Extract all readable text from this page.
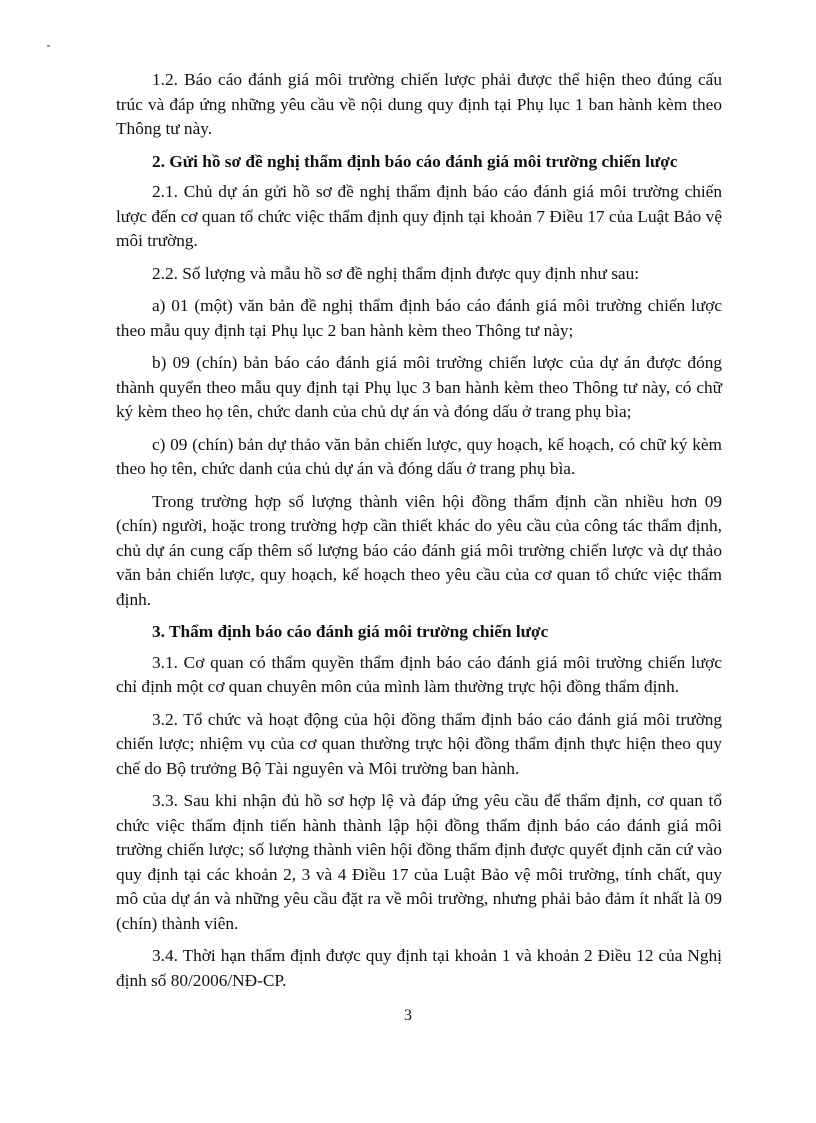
1.2. Báo cáo đánh giá môi trường chiến lược phải được thể hiện theo đúng cấu trúc và đáp ứng những yêu cầu về nội dung quy định tại Phụ lục 1 ban hành kèm theo Thông tư này.

2. Gửi hồ sơ đề nghị thẩm định báo cáo đánh giá môi trường chiến lược

2.1. Chủ dự án gửi hồ sơ đề nghị thẩm định báo cáo đánh giá môi trường chiến lược đến cơ quan tổ chức việc thẩm định quy định tại khoản 7 Điều 17 của Luật Bảo vệ môi trường.

2.2. Số lượng và mẫu hồ sơ đề nghị thẩm định được quy định như sau:

a) 01 (một) văn bản đề nghị thẩm định báo cáo đánh giá môi trường chiến lược theo mẫu quy định tại Phụ lục 2 ban hành kèm theo Thông tư này;

b) 09 (chín) bản báo cáo đánh giá môi trường chiến lược của dự án được đóng thành quyển theo mẫu quy định tại Phụ lục 3 ban hành kèm theo Thông tư này, có chữ ký kèm theo họ tên, chức danh của chủ dự án và đóng dấu ở trang phụ bìa;

c) 09 (chín) bản dự thảo văn bản chiến lược, quy hoạch, kế hoạch, có chữ ký kèm theo họ tên, chức danh của chủ dự án và đóng dấu ở trang phụ bìa.

Trong trường hợp số lượng thành viên hội đồng thẩm định cần nhiều hơn 09 (chín) người, hoặc trong trường hợp cần thiết khác do yêu cầu của công tác thẩm định, chủ dự án cung cấp thêm số lượng báo cáo đánh giá môi trường chiến lược và dự thảo văn bản chiến lược, quy hoạch, kế hoạch theo yêu cầu của cơ quan tổ chức việc thẩm định.

3. Thẩm định báo cáo đánh giá môi trường chiến lược

3.1. Cơ quan có thẩm quyền thẩm định báo cáo đánh giá môi trường chiến lược chỉ định một cơ quan chuyên môn của mình làm thường trực hội đồng thẩm định.

3.2. Tổ chức và hoạt động của hội đồng thẩm định báo cáo đánh giá môi trường chiến lược; nhiệm vụ của cơ quan thường trực hội đồng thẩm định thực hiện theo quy chế do Bộ trưởng Bộ Tài nguyên và Môi trường ban hành.

3.3. Sau khi nhận đủ hồ sơ hợp lệ và đáp ứng yêu cầu để thẩm định, cơ quan tổ chức việc thẩm định tiến hành thành lập hội đồng thẩm định báo cáo đánh giá môi trường chiến lược; số lượng thành viên hội đồng thẩm định được quyết định căn cứ vào quy định tại các khoản 2, 3 và 4 Điều 17 của Luật Bảo vệ môi trường, tính chất, quy mô của dự án và những yêu cầu đặt ra về môi trường, nhưng phải bảo đảm ít nhất là 09 (chín) thành viên.

3.4. Thời hạn thẩm định được quy định tại khoản 1 và khoản 2 Điều 12 của Nghị định số 80/2006/NĐ-CP.

3
